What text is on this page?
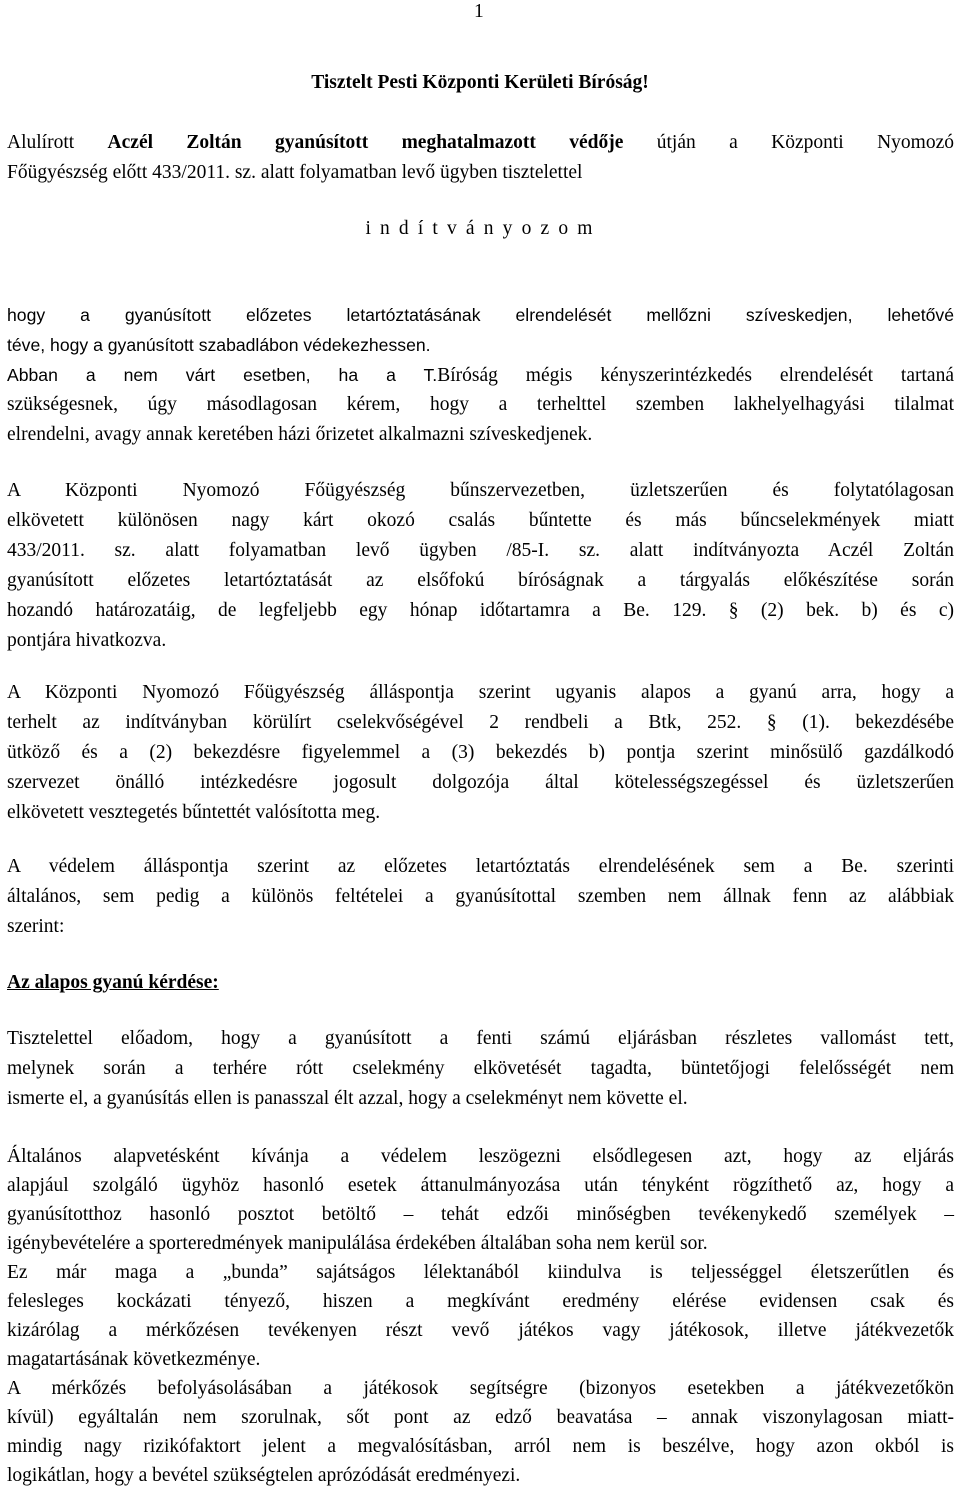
1
Tisztelt Pesti Központi Kerületi Bíróság!
Alulírott Aczél Zoltán gyanúsított meghatalmazott védője útján a Központi Nyomozó
Főügyészség előtt 433/2011. sz. alatt folyamatban levő ügyben tisztelettel
i n d í t v á n y o z o m
hogy a gyanúsított előzetes letartóztatásának elrendelését mellőzni szíveskedjen, lehetővé
téve, hogy a gyanúsított szabadlábon védekezhessen.
Abban a nem várt esetben, ha a T.Bíróság mégis kényszerintézkedés elrendelését tartaná
szükségesnek, úgy másodlagosan kérem, hogy a terhelttel szemben lakhelyelhagyási tilalmat
elrendelni, avagy annak keretében házi őrizetet alkalmazni szíveskedjenek.
A Központi Nyomozó Főügyészség bűnszervezetben, üzletszerűen és folytatólagosan
elkövetett különösen nagy kárt okozó csalás bűntette és más bűncselekmények miatt
433/2011. sz. alatt folyamatban levő ügyben /85-I. sz. alatt indítványozta Aczél Zoltán
gyanúsított előzetes letartóztatását az elsőfokú bíróságnak a tárgyalás előkészítése során
hozandó határozatáig, de legfeljebb egy hónap időtartamra a Be. 129. § (2) bek. b) és c)
pontjára hivatkozva.
A Központi Nyomozó Főügyészség álláspontja szerint ugyanis alapos a gyanú arra, hogy a
terhelt az indítványban körülírt cselekvőségével 2 rendbeli a Btk, 252. § (1). bekezdésébe
ütköző és a (2) bekezdésre figyelemmel a (3) bekezdés b) pontja szerint minősülő gazdálkodó
szervezet önálló intézkedésre jogosult dolgozója által kötelességszegéssel és üzletszerűen
elkövetett vesztegetés bűntettét valósította meg.
A védelem álláspontja szerint az előzetes letartóztatás elrendelésének sem a Be. szerinti
általános, sem pedig a különös feltételei a gyanúsítottal szemben nem állnak fenn az alábbiak
szerint:
Az alapos gyanú kérdése:
Tisztelettel előadom, hogy a gyanúsított a fenti számú eljárásban részletes vallomást tett,
melynek során a terhére rótt cselekmény elkövetését tagadta, büntetőjogi felelősségét nem
ismerte el, a gyanúsítás ellen is panasszal élt azzal, hogy a cselekményt nem követte el.
Általános alapvetésként kívánja a védelem leszögezni elsődlegesen azt, hogy az eljárás
alapjául szolgáló ügyhöz hasonló esetek áttanulmányozása után tényként rögzíthető az, hogy a
gyanúsítotthoz hasonló posztot betöltő – tehát edzői minőségben tevékenykedő személyek –
igénybevételére a sporteredmények manipulálása érdekében általában soha nem kerül sor.
Ez már maga a „bunda” sajátságos lélektanából kiindulva is teljességgel életszerűtlen és
felesleges kockázati tényező, hiszen a megkívánt eredmény elérése evidensen csak és
kizárólag a mérkőzésen tevékenyen részt vevő játékos vagy játékosok, illetve játékvezetők
magatartásának következménye.
A mérkőzés befolyásolásában a játékosok segítségre (bizonyos esetekben a játékvezetőkön
kívül) egyáltalán nem szorulnak, sőt pont az edző beavatása – annak viszonylagosan miatt-
mindig nagy rizikófaktort jelent a megvalósításban, arról nem is beszélve, hogy azon okból is
logikátlan, hogy a bevétel szükségtelen aprózódását eredményezi.
